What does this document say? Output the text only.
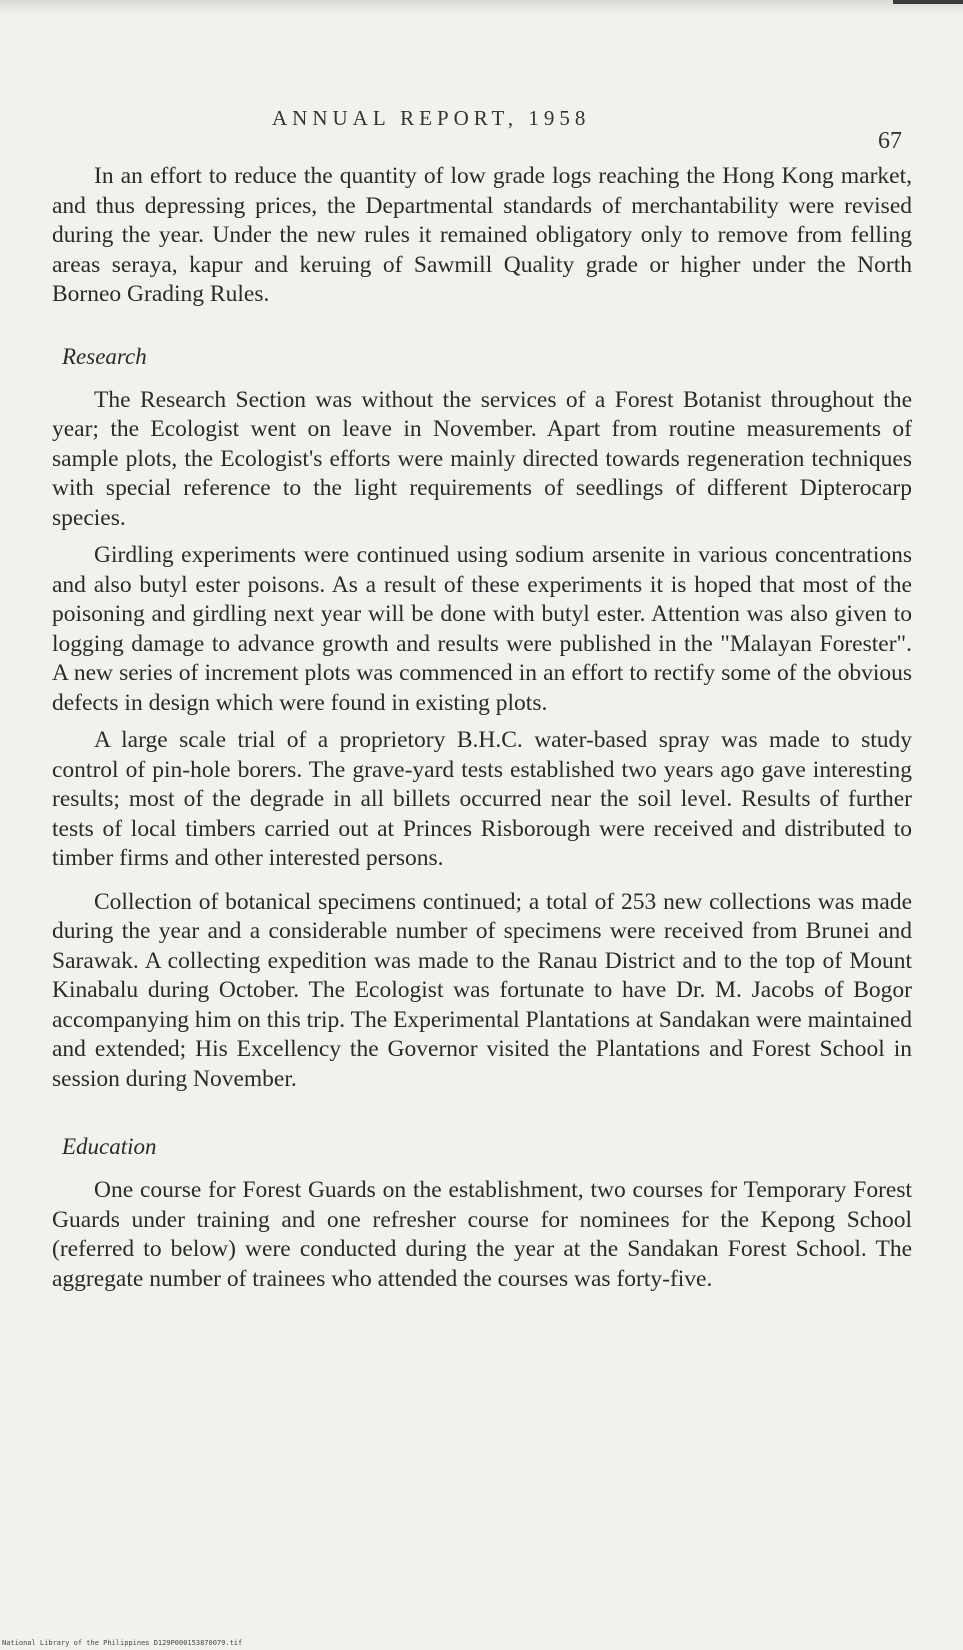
ANNUAL REPORT, 1958
67

In an effort to reduce the quantity of low grade logs reaching the Hong Kong market, and thus depressing prices, the Departmental standards of merchantability were revised during the year. Under the new rules it remained obligatory only to remove from felling areas seraya, kapur and keruing of Sawmill Quality grade or higher under the North Borneo Grading Rules.

Research

The Research Section was without the services of a Forest Botanist throughout the year; the Ecologist went on leave in November. Apart from routine measurements of sample plots, the Ecologist's efforts were mainly directed towards regeneration techniques with special reference to the light requirements of seedlings of different Dipterocarp species.

Girdling experiments were continued using sodium arsenite in various concentrations and also butyl ester poisons. As a result of these experiments it is hoped that most of the poisoning and girdling next year will be done with butyl ester. Attention was also given to logging damage to advance growth and results were published in the "Malayan Forester". A new series of increment plots was commenced in an effort to rectify some of the obvious defects in design which were found in existing plots.

A large scale trial of a proprietory B.H.C. water-based spray was made to study control of pin-hole borers. The grave-yard tests established two years ago gave interesting results; most of the degrade in all billets occurred near the soil level. Results of further tests of local timbers carried out at Princes Risborough were received and distributed to timber firms and other interested persons.

Collection of botanical specimens continued; a total of 253 new collections was made during the year and a considerable number of specimens were received from Brunei and Sarawak. A collecting expedition was made to the Ranau District and to the top of Mount Kinabalu during October. The Ecologist was fortunate to have Dr. M. Jacobs of Bogor accompanying him on this trip. The Experimental Plantations at Sandakan were maintained and extended; His Excellency the Governor visited the Plantations and Forest School in session during November.

Education

One course for Forest Guards on the establishment, two courses for Temporary Forest Guards under training and one refresher course for nominees for the Kepong School (referred to below) were conducted during the year at the Sandakan Forest School. The aggregate number of trainees who attended the courses was forty-five.

National Library of the Philippines D129P000153870079.tif
